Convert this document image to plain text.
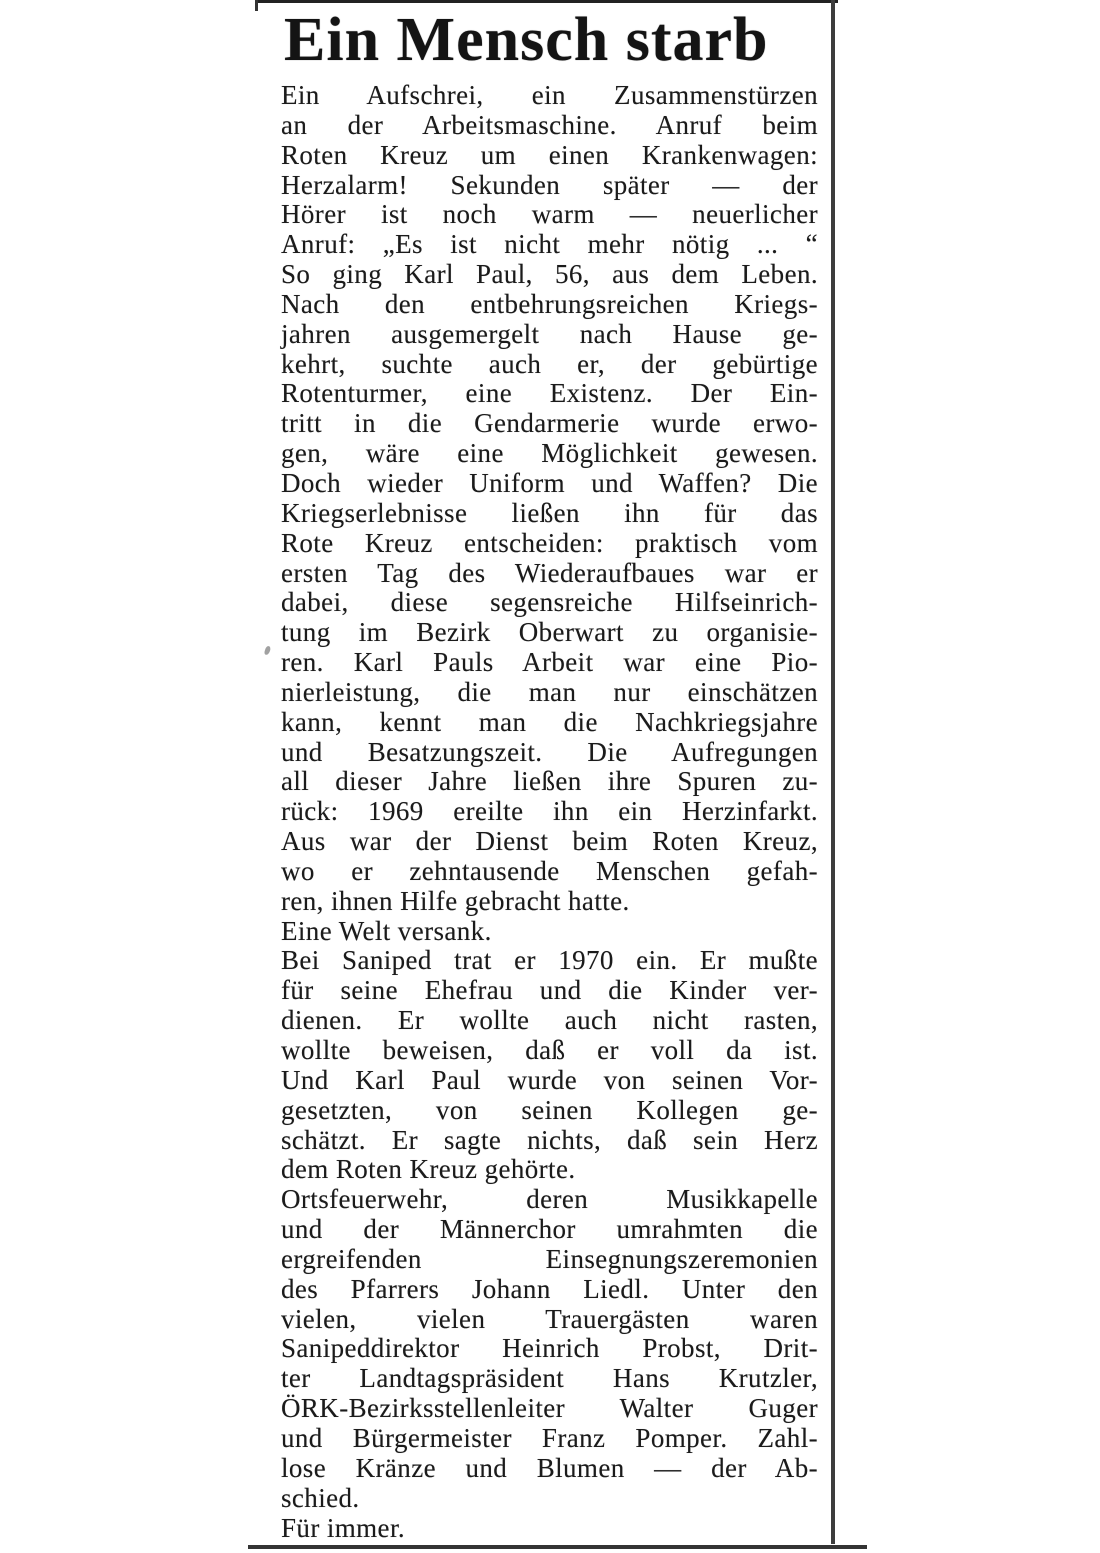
Ein Mensch starb
Ein Aufschrei, ein Zusammenstürzen
an der Arbeitsmaschine. Anruf beim
Roten Kreuz um einen Krankenwagen:
Herzalarm! Sekunden später — der
Hörer ist noch warm — neuerlicher
Anruf: „Es ist nicht mehr nötig ... “
So ging Karl Paul, 56, aus dem Leben.
Nach den entbehrungsreichen Kriegs-
jahren ausgemergelt nach Hause ge-
kehrt, suchte auch er, der gebürtige
Rotenturmer, eine Existenz. Der Ein-
tritt in die Gendarmerie wurde erwo-
gen, wäre eine Möglichkeit gewesen.
Doch wieder Uniform und Waffen? Die
Kriegserlebnisse ließen ihn für das
Rote Kreuz entscheiden: praktisch vom
ersten Tag des Wiederaufbaues war er
dabei, diese segensreiche Hilfseinrich-
tung im Bezirk Oberwart zu organisie-
ren. Karl Pauls Arbeit war eine Pio-
nierleistung, die man nur einschätzen
kann, kennt man die Nachkriegsjahre
und Besatzungszeit. Die Aufregungen
all dieser Jahre ließen ihre Spuren zu-
rück: 1969 ereilte ihn ein Herzinfarkt.
Aus war der Dienst beim Roten Kreuz,
wo er zehntausende Menschen gefah-
ren, ihnen Hilfe gebracht hatte.
Eine Welt versank.
Bei Saniped trat er 1970 ein. Er mußte
für seine Ehefrau und die Kinder ver-
dienen. Er wollte auch nicht rasten,
wollte beweisen, daß er voll da ist.
Und Karl Paul wurde von seinen Vor-
gesetzten, von seinen Kollegen ge-
schätzt. Er sagte nichts, daß sein Herz
dem Roten Kreuz gehörte.
Ortsfeuerwehr, deren Musikkapelle
und der Männerchor umrahmten die
ergreifenden Einsegnungszeremonien
des Pfarrers Johann Liedl. Unter den
vielen, vielen Trauergästen waren
Sanipeddirektor Heinrich Probst, Drit-
ter Landtagspräsident Hans Krutzler,
ÖRK-Bezirksstellenleiter Walter Guger
und Bürgermeister Franz Pomper. Zahl-
lose Kränze und Blumen — der Ab-
schied.
Für immer.
